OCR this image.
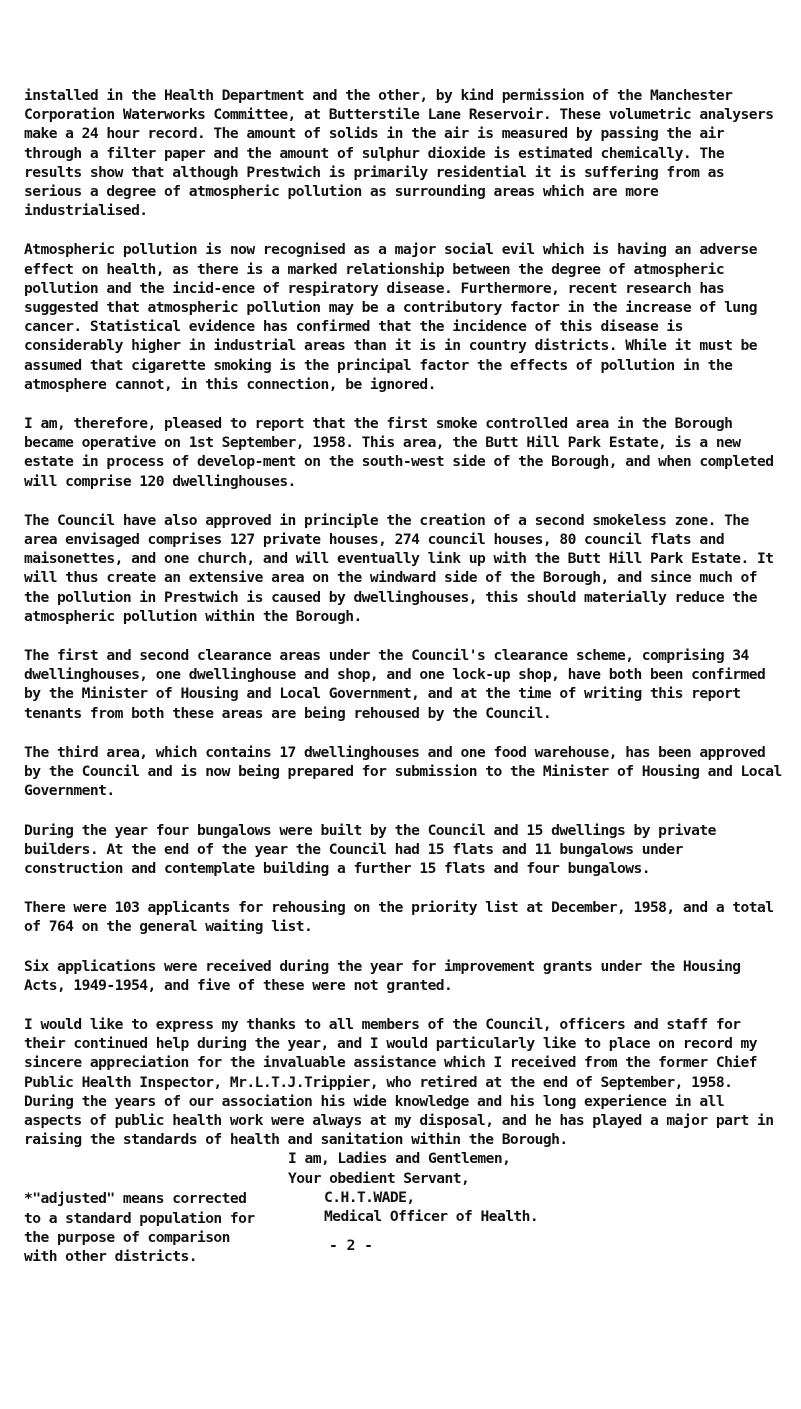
installed in the Health Department and the other, by kind permission of the Manchester Corporation Waterworks Committee, at Butterstile Lane Reservoir. These volumetric analysers make a 24 hour record. The amount of solids in the air is measured by passing the air through a filter paper and the amount of sulphur dioxide is estimated chemically. The results show that although Prestwich is primarily residential it is suffering from as serious a degree of atmospheric pollution as surrounding areas which are more industrialised.

Atmospheric pollution is now recognised as a major social evil which is having an adverse effect on health, as there is a marked relationship between the degree of atmospheric pollution and the incid-ence of respiratory disease. Furthermore, recent research has suggested that atmospheric pollution may be a contributory factor in the increase of lung cancer. Statistical evidence has confirmed that the incidence of this disease is considerably higher in industrial areas than it is in country districts. While it must be assumed that cigarette smoking is the principal factor the effects of pollution in the atmosphere cannot, in this connection, be ignored.

I am, therefore, pleased to report that the first smoke controlled area in the Borough became operative on 1st September, 1958. This area, the Butt Hill Park Estate, is a new estate in process of develop-ment on the south-west side of the Borough, and when completed will comprise 120 dwellinghouses.

The Council have also approved in principle the creation of a second smokeless zone. The area envisaged comprises 127 private houses, 274 council houses, 80 council flats and maisonettes, and one church, and will eventually link up with the Butt Hill Park Estate. It will thus create an extensive area on the windward side of the Borough, and since much of the pollution in Prestwich is caused by dwellinghouses, this should materially reduce the atmospheric pollution within the Borough.

The first and second clearance areas under the Council's clearance scheme, comprising 34 dwellinghouses, one dwellinghouse and shop, and one lock-up shop, have both been confirmed by the Minister of Housing and Local Government, and at the time of writing this report tenants from both these areas are being rehoused by the Council.

The third area, which contains 17 dwellinghouses and one food warehouse, has been approved by the Council and is now being prepared for submission to the Minister of Housing and Local Government.

During the year four bungalows were built by the Council and 15 dwellings by private builders. At the end of the year the Council had 15 flats and 11 bungalows under construction and contemplate building a further 15 flats and four bungalows.

There were 103 applicants for rehousing on the priority list at December, 1958, and a total of 764 on the general waiting list.

Six applications were received during the year for improvement grants under the Housing Acts, 1949-1954, and five of these were not granted.

I would like to express my thanks to all members of the Council, officers and staff for their continued help during the year, and I would particularly like to place on record my sincere appreciation for the invaluable assistance which I received from the former Chief Public Health Inspector, Mr.L.T.J.Trippier, who retired at the end of September, 1958. During the years of our association his wide knowledge and his long experience in all aspects of public health work were always at my disposal, and he has played a major part in raising the standards of health and sanitation within the Borough.

I am, Ladies and Gentlemen,
Your obedient Servant,
C.H.T.WADE,
Medical Officer of Health.
*"adjusted" means corrected to a standard population for the purpose of comparison with other districts.
- 2 -
